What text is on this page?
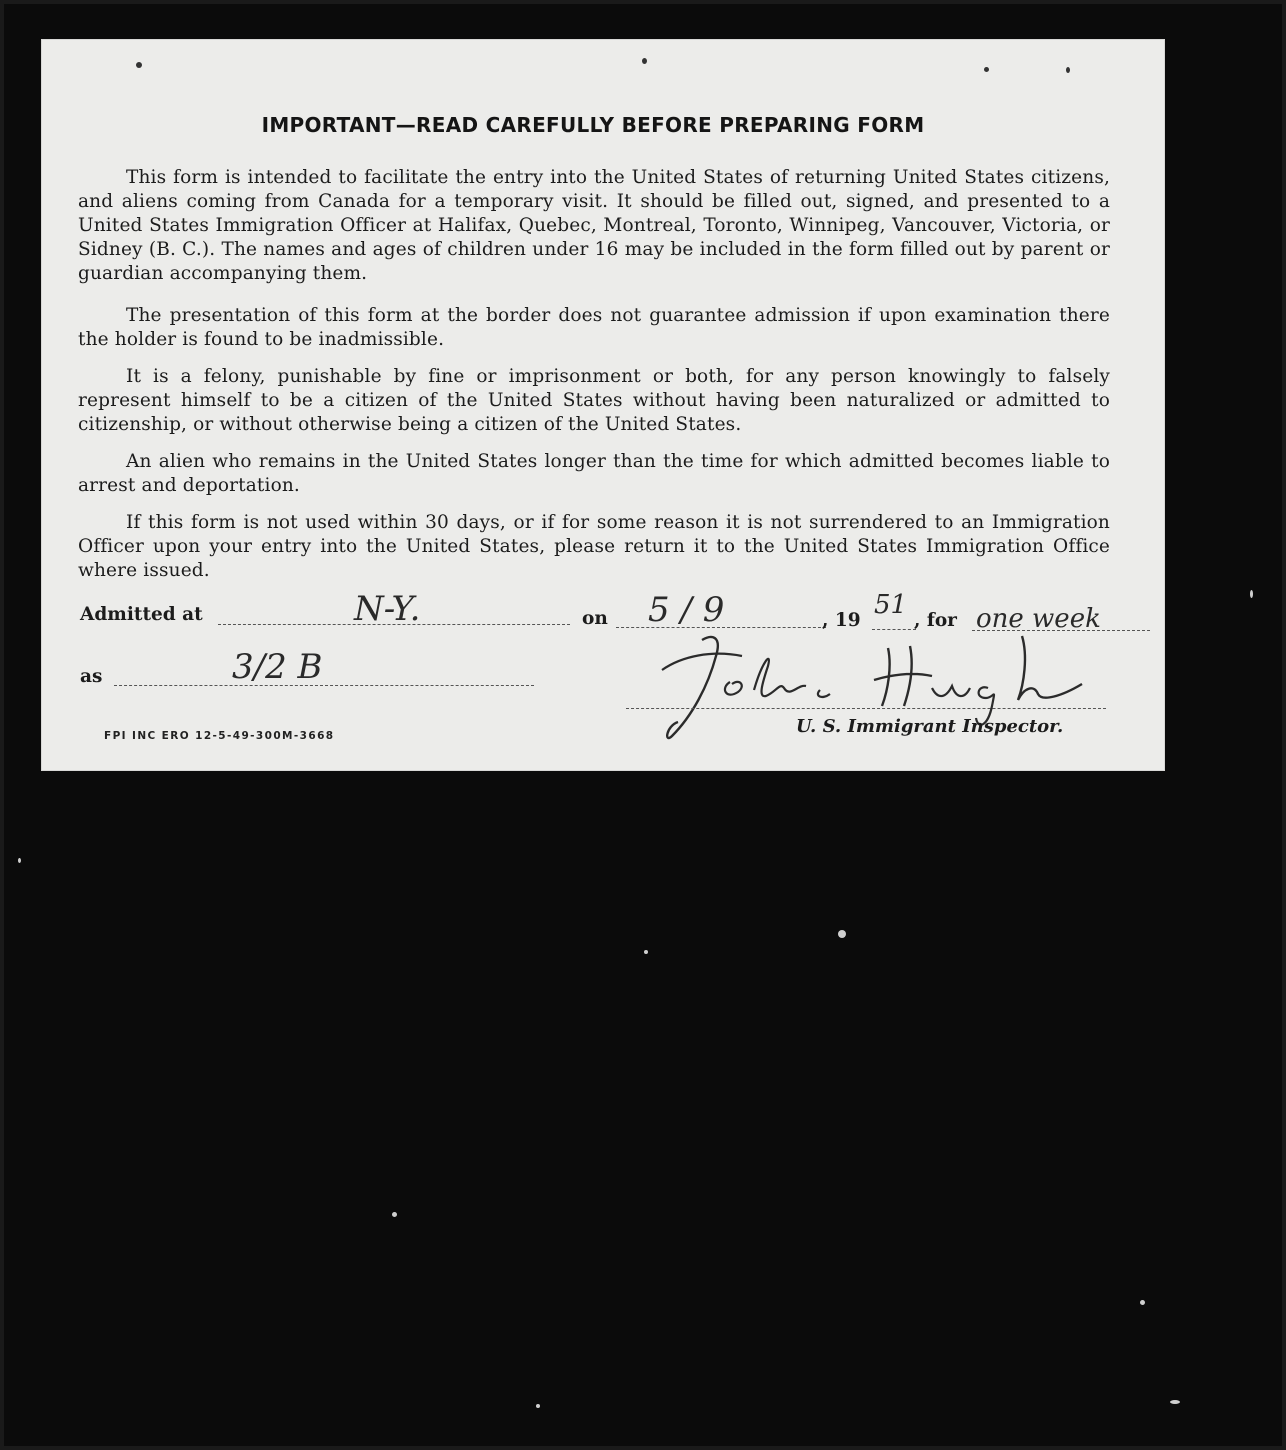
IMPORTANT—READ CAREFULLY BEFORE PREPARING FORM
This form is intended to facilitate the entry into the United States of returning United States citizens, and aliens coming from Canada for a temporary visit. It should be filled out, signed, and presented to a United States Immigration Officer at Halifax, Quebec, Montreal, Toronto, Winnipeg, Vancouver, Victoria, or Sidney (B. C.). The names and ages of children under 16 may be included in the form filled out by parent or guardian accompanying them.
The presentation of this form at the border does not guarantee admission if upon examination there the holder is found to be inadmissible.
It is a felony, punishable by fine or imprisonment or both, for any person knowingly to falsely represent himself to be a citizen of the United States without having been naturalized or admitted to citizenship, or without otherwise being a citizen of the United States.
An alien who remains in the United States longer than the time for which admitted becomes liable to arrest and deportation.
If this form is not used within 30 days, or if for some reason it is not surrendered to an Immigration Officer upon your entry into the United States, please return it to the United States Immigration Office where issued.
Admitted at	N-Y.	on 5 / 9	, 19
51
, for one week
as	3/2 B
U. S. Immigrant Inspector.
FPI INC ERO 12-5-49-300M-3668
